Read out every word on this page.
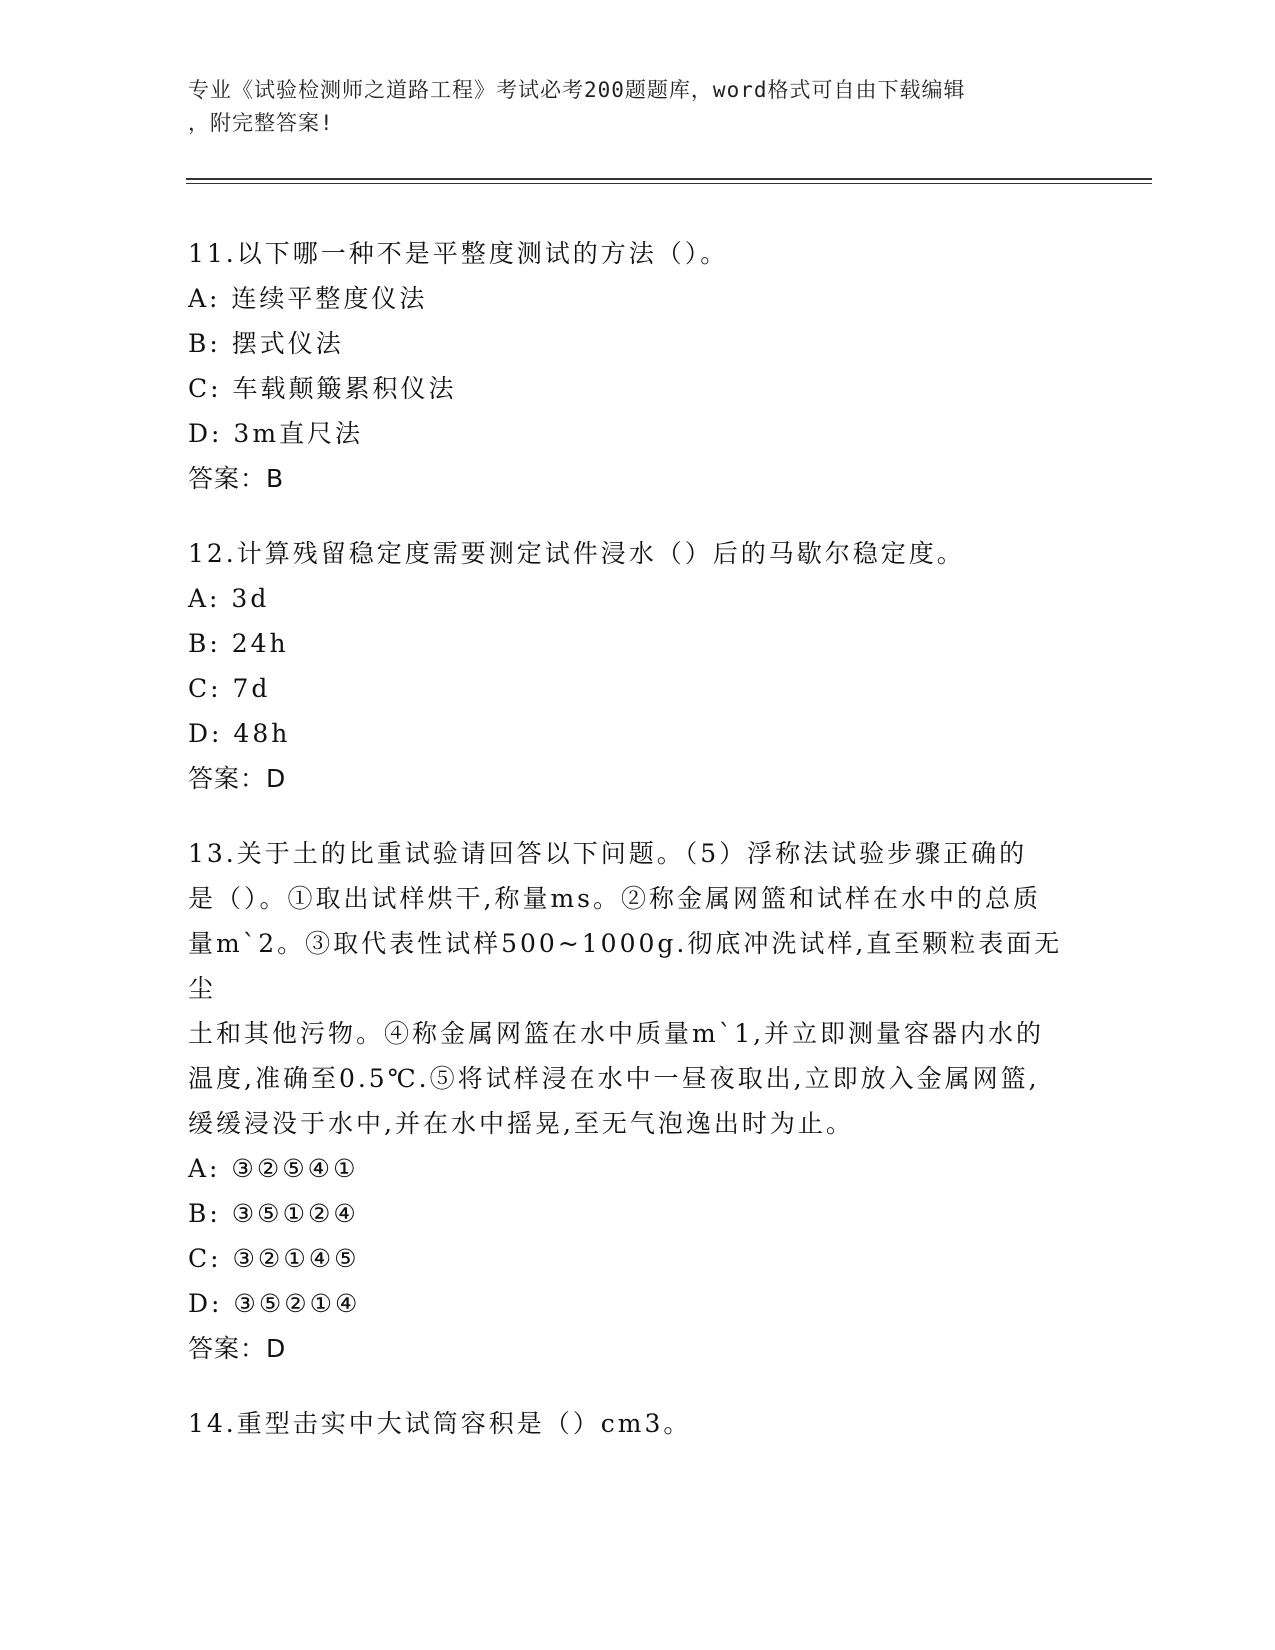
专业《试验检测师之道路工程》考试必考200题题库，word格式可自由下载编辑
，附完整答案!

11.以下哪一种不是平整度测试的方法（）。

A: 连续平整度仪法

B: 摆式仪法

C: 车载颠簸累积仪法

D: 3m直尺法

答案：B

12.计算残留稳定度需要测定试件浸水（）后的马歇尔稳定度。

A: 3d

B: 24h

C: 7d

D: 48h

答案：D

13.关于土的比重试验请回答以下问题。（5）浮称法试验步骤正确的

是（）。①取出试样烘干,称量ms。②称金属网篮和试样在水中的总质

量m`2。③取代表性试样500~1000g.彻底冲洗试样,直至颗粒表面无尘

土和其他污物。④称金属网篮在水中质量m`1,并立即测量容器内水的

温度,准确至0.5℃.⑤将试样浸在水中一昼夜取出,立即放入金属网篮,

缓缓浸没于水中,并在水中摇晃,至无气泡逸出时为止。

A: ③②⑤④①

B: ③⑤①②④

C: ③②①④⑤

D: ③⑤②①④

答案：D

14.重型击实中大试筒容积是（）cm3。
